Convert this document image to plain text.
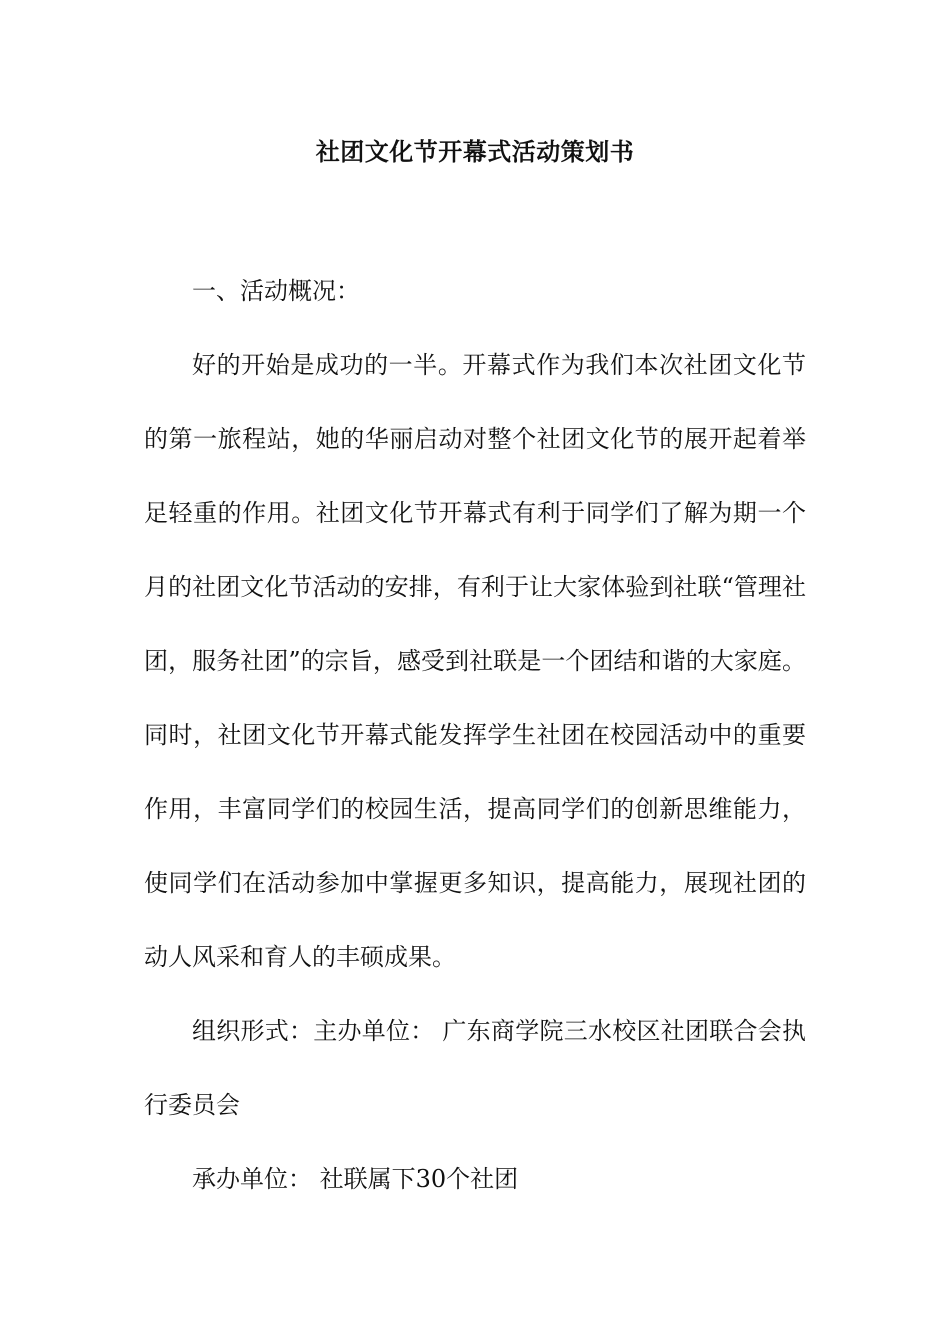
社团文化节开幕式活动策划书

一、活动概况：

好的开始是成功的一半。开幕式作为我们本次社团文化节的第一旅程站，她的华丽启动对整个社团文化节的展开起着举足轻重的作用。社团文化节开幕式有利于同学们了解为期一个月的社团文化节活动的安排，有利于让大家体验到社联“管理社团，服务社团”的宗旨，感受到社联是一个团结和谐的大家庭。同时，社团文化节开幕式能发挥学生社团在校园活动中的重要作用，丰富同学们的校园生活，提高同学们的创新思维能力，使同学们在活动参加中掌握更多知识，提高能力，展现社团的动人风采和育人的丰硕成果。

组织形式：主办单位： 广东商学院三水校区社团联合会执行委员会

承办单位： 社联属下30个社团
